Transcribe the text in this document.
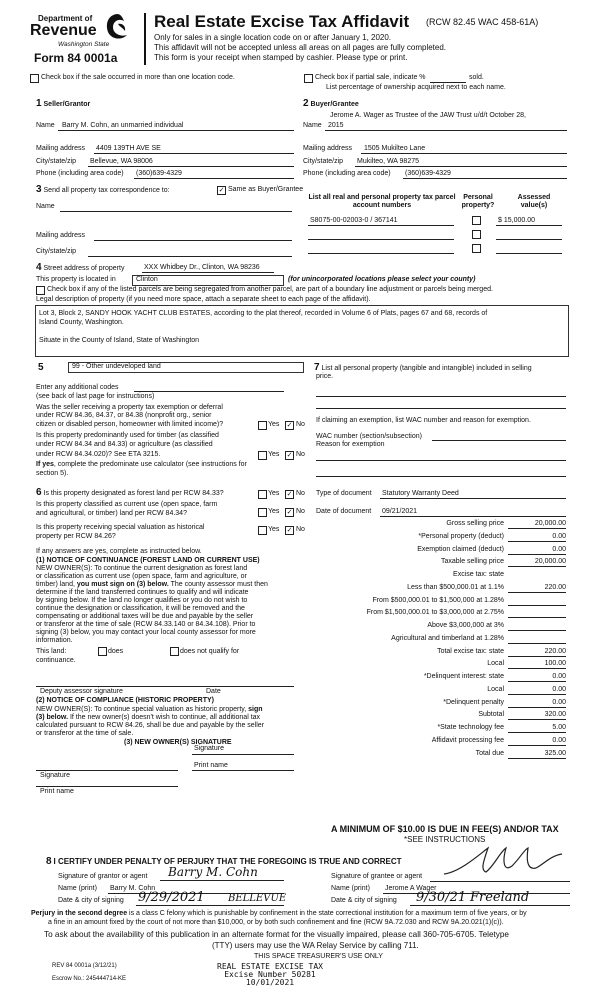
Department of
Revenue
Washington State
Form 84 0001a
Real Estate Excise Tax Affidavit (RCW 82.45 WAC 458-61A)
Only for sales in a single location code on or after January 1, 2020.
This affidavit will not be accepted unless all areas on all pages are fully completed.
This form is your receipt when stamped by cashier. Please type or print.
Check box if the sale occurred in more than one location code.	Check box if partial sale, indicate %	sold.
List percentage of ownership acquired next to each name.
1 Seller/Grantor
Name Barry M. Cohn, an unmarried individual
Mailing address 4409 139TH AVE SE
City/state/zip Bellevue, WA 98006
Phone (including area code) (360)639-4329
2 Buyer/Grantee
Jerome A. Wager as Trustee of the JAW Trust u/d/t October 28,
Name 2015
Mailing address 1505 Mukilteo Lane
City/state/zip Mukilteo, WA 98275
Phone (including area code) (360)639-4329
3 Send all property tax correspondence to:	✓ Same as Buyer/Grantee
Name
Mailing address
City/state/zip
List all real and personal property tax parcel account numbers
Personal property?
Assessed value(s)
S8075-00-02003-0 / 367141	$ 15,000.00
4 Street address of property	XXX Whidbey Dr., Clinton, WA 98236
This property is located in	Clinton	(for unincorporated locations please select your county)
Check box if any of the listed parcels are being segregated from another parcel, are part of a boundary line adjustment or parcels being merged.
Legal description of property (if you need more space, attach a separate sheet to each page of the affidavit).
Lot 3, Block 2, SANDY HOOK YACHT CLUB ESTATES, according to the plat thereof, recorded in Volume 6 of Plats, pages 67 and 68, records of
Island County, Washington.
Situate in the County of Island, State of Washington
5	99 - Other undeveloped land
Enter any additional codes
(see back of last page for instructions)
Was the seller receiving a property tax exemption or deferral
under RCW 84.36, 84.37, or 84.38 (nonprofit org., senior
citizen or disabled person, homeowner with limited income)?	Yes ✓ No
Is this property predominantly used for timber (as classified
under RCW 84.34 and 84.33) or agriculture (as classified
under RCW 84.34.020)? See ETA 3215.	Yes ✓ No
If yes, complete the predominate use calculator (see instructions for
section 5).
6 Is this property designated as forest land per RCW 84.33?	Yes ✓ No
Is this property classified as current use (open space, farm
and agricultural, or timber) land per RCW 84.34?	Yes ✓ No
Is this property receiving special valuation as historical
property per RCW 84.26?
Yes ✓ No
If any answers are yes, complete as instructed below.
(1) NOTICE OF CONTINUANCE (FOREST LAND OR CURRENT USE)
NEW OWNER(S): To continue the current designation as forest land
or classification as current use (open space, farm and agriculture, or
timber) land, you must sign on (3) below. The county assessor must then
determine if the land transferred continues to qualify and will indicate
by signing below. If the land no longer qualifies or you do not wish to
continue the designation or classification, it will be removed and the
compensating or additional taxes will be due and payable by the seller
or transferor at the time of sale (RCW 84.33.140 or 84.34.108). Prior to
signing (3) below, you may contact your local county assessor for more
information.
This land:	does	does not qualify for
continuance.
Deputy assessor signature	Date
(2) NOTICE OF COMPLIANCE (HISTORIC PROPERTY)
NEW OWNER(S): To continue special valuation as historic property, sign
(3) below. If the new owner(s) doesn't wish to continue, all additional tax
calculated pursuant to RCW 84.26, shall be due and payable by the seller
or transferor at the time of sale.
(3) NEW OWNER(S) SIGNATURE
Signature
Signature
Print name
Print name
7 List all personal property (tangible and intangible) included in selling
price.
If claiming an exemption, list WAC number and reason for exemption.
WAC number (section/subsection)
Reason for exemption
Type of document Statutory Warranty Deed
Date of document 09/21/2021
Gross selling price	20,000.00
*Personal property (deduct)	0.00
Exemption claimed (deduct)	0.00
Taxable selling price	20,000.00
Excise tax: state
Less than $500,000.01 at 1.1%	220.00
From $500,000.01 to $1,500,000 at 1.28%
From $1,500,000.01 to $3,000,000 at 2.75%
Above $3,000,000 at 3%
Agricultural and timberland at 1.28%
Total excise tax: state	220.00
Local	100.00
*Delinquent interest: state	0.00
Local	0.00
*Delinquent penalty	0.00
Subtotal	320.00
*State technology fee	5.00
Affidavit processing fee	0.00
Total due	325.00
A MINIMUM OF $10.00 IS DUE IN FEE(S) AND/OR TAX
*SEE INSTRUCTIONS
8 I CERTIFY UNDER PENALTY OF PERJURY THAT THE FOREGOING IS TRUE AND CORRECT
Signature of grantor or agent Barry M. Cohn
Name (print) Barry M. Cohn
Date & city of signing 9/29/2021 BELLEVUE
Signature of grantee or agent
Name (print) Jerome A Wager
Date & city of signing 9/30/21 Freeland
Perjury in the second degree is a class C felony which is punishable by confinement in the state correctional institution for a maximum term of five years, or by
a fine in an amount fixed by the court of not more than $10,000, or by both such confinement and fine (RCW 9A.72.030 and RCW 9A.20.021(1)(c)).
To ask about the availability of this publication in an alternate format for the visually impaired, please call 360-705-6705. Teletype
(TTY) users may use the WA Relay Service by calling 711.
THIS SPACE TREASURER'S USE ONLY
REV 84 0001a (3/12/21)
Escrow No.: 245444714-KE
REAL ESTATE EXCISE TAX
Excise Number 50281
10/01/2021
